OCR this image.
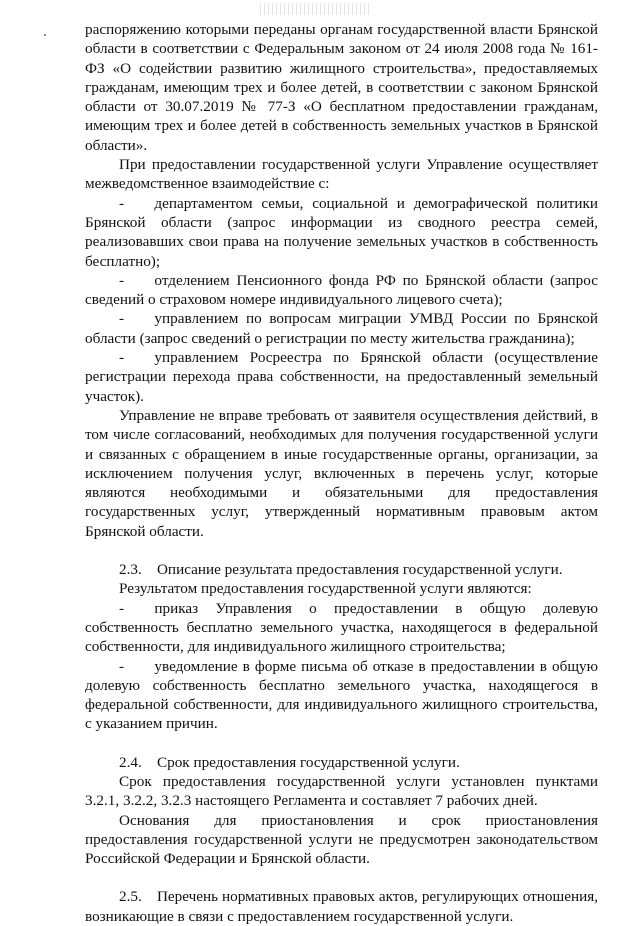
распоряжению которыми переданы органам государственной власти Брянской области в соответствии с Федеральным законом от 24 июля 2008 года № 161-ФЗ «О содействии развитию жилищного строительства», предоставляемых гражданам, имеющим трех и более детей, в соответствии с законом Брянской области от 30.07.2019 № 77-З «О бесплатном предоставлении гражданам, имеющим трех и более детей в собственность земельных участков в Брянской области».

При предоставлении государственной услуги Управление осуществляет межведомственное взаимодействие с:

-  департаментом семьи, социальной и демографической политики Брянской области (запрос информации из сводного реестра семей, реализовавших свои права на получение земельных участков в собственность бесплатно);

-  отделением Пенсионного фонда РФ по Брянской области (запрос сведений о страховом номере индивидуального лицевого счета);

-  управлением по вопросам миграции УМВД России по Брянской области (запрос сведений о регистрации по месту жительства гражданина);

-  управлением Росреестра по Брянской области (осуществление регистрации перехода права собственности, на предоставленный земельный участок).

Управление не вправе требовать от заявителя осуществления действий, в том числе согласований, необходимых для получения государственной услуги и связанных с обращением в иные государственные органы, организации, за исключением получения услуг, включенных в перечень услуг, которые являются необходимыми и обязательными для предоставления государственных услуг, утвержденный нормативным правовым актом Брянской области.

2.3. Описание результата предоставления государственной услуги.

Результатом предоставления государственной услуги являются:

-  приказ Управления о предоставлении в общую долевую собственность бесплатно земельного участка, находящегося в федеральной собственности, для индивидуального жилищного строительства;

-  уведомление в форме письма об отказе в предоставлении в общую долевую собственность бесплатно земельного участка, находящегося в федеральной собственности, для индивидуального жилищного строительства, с указанием причин.

2.4. Срок предоставления государственной услуги.

Срок предоставления государственной услуги установлен пунктами 3.2.1, 3.2.2, 3.2.3 настоящего Регламента и составляет 7 рабочих дней.

Основания для приостановления и срок приостановления предоставления государственной услуги не предусмотрен законодательством Российской Федерации и Брянской области.

2.5. Перечень нормативных правовых актов, регулирующих отношения, возникающие в связи с предоставлением государственной услуги.
